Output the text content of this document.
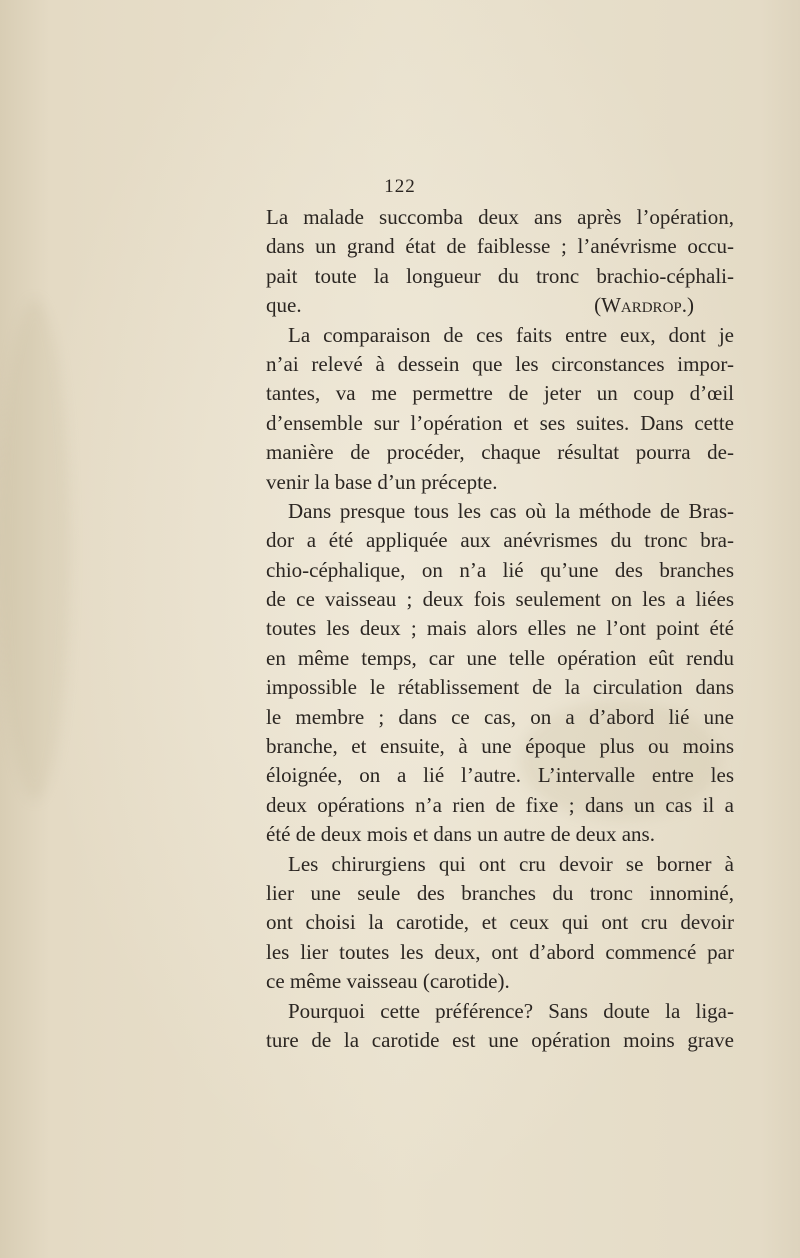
122
La malade succomba deux ans après l’opération,
dans un grand état de faiblesse ; l’anévrisme occu-
pait toute la longueur du tronc brachio-céphali-
que.	(Wardrop.)
La comparaison de ces faits entre eux, dont je
n’ai relevé à dessein que les circonstances impor-
tantes, va me permettre de jeter un coup d’œil
d’ensemble sur l’opération et ses suites. Dans cette
manière de procéder, chaque résultat pourra de-
venir la base d’un précepte.
Dans presque tous les cas où la méthode de Bras-
dor a été appliquée aux anévrismes du tronc bra-
chio-céphalique, on n’a lié qu’une des branches
de ce vaisseau ; deux fois seulement on les a liées
toutes les deux ; mais alors elles ne l’ont point été
en même temps, car une telle opération eût rendu
impossible le rétablissement de la circulation dans
le membre ; dans ce cas, on a d’abord lié une
branche, et ensuite, à une époque plus ou moins
éloignée, on a lié l’autre. L’intervalle entre les
deux opérations n’a rien de fixe ; dans un cas il a
été de deux mois et dans un autre de deux ans.
Les chirurgiens qui ont cru devoir se borner à
lier une seule des branches du tronc innominé,
ont choisi la carotide, et ceux qui ont cru devoir
les lier toutes les deux, ont d’abord commencé par
ce même vaisseau (carotide).
Pourquoi cette préférence? Sans doute la liga-
ture de la carotide est une opération moins grave
